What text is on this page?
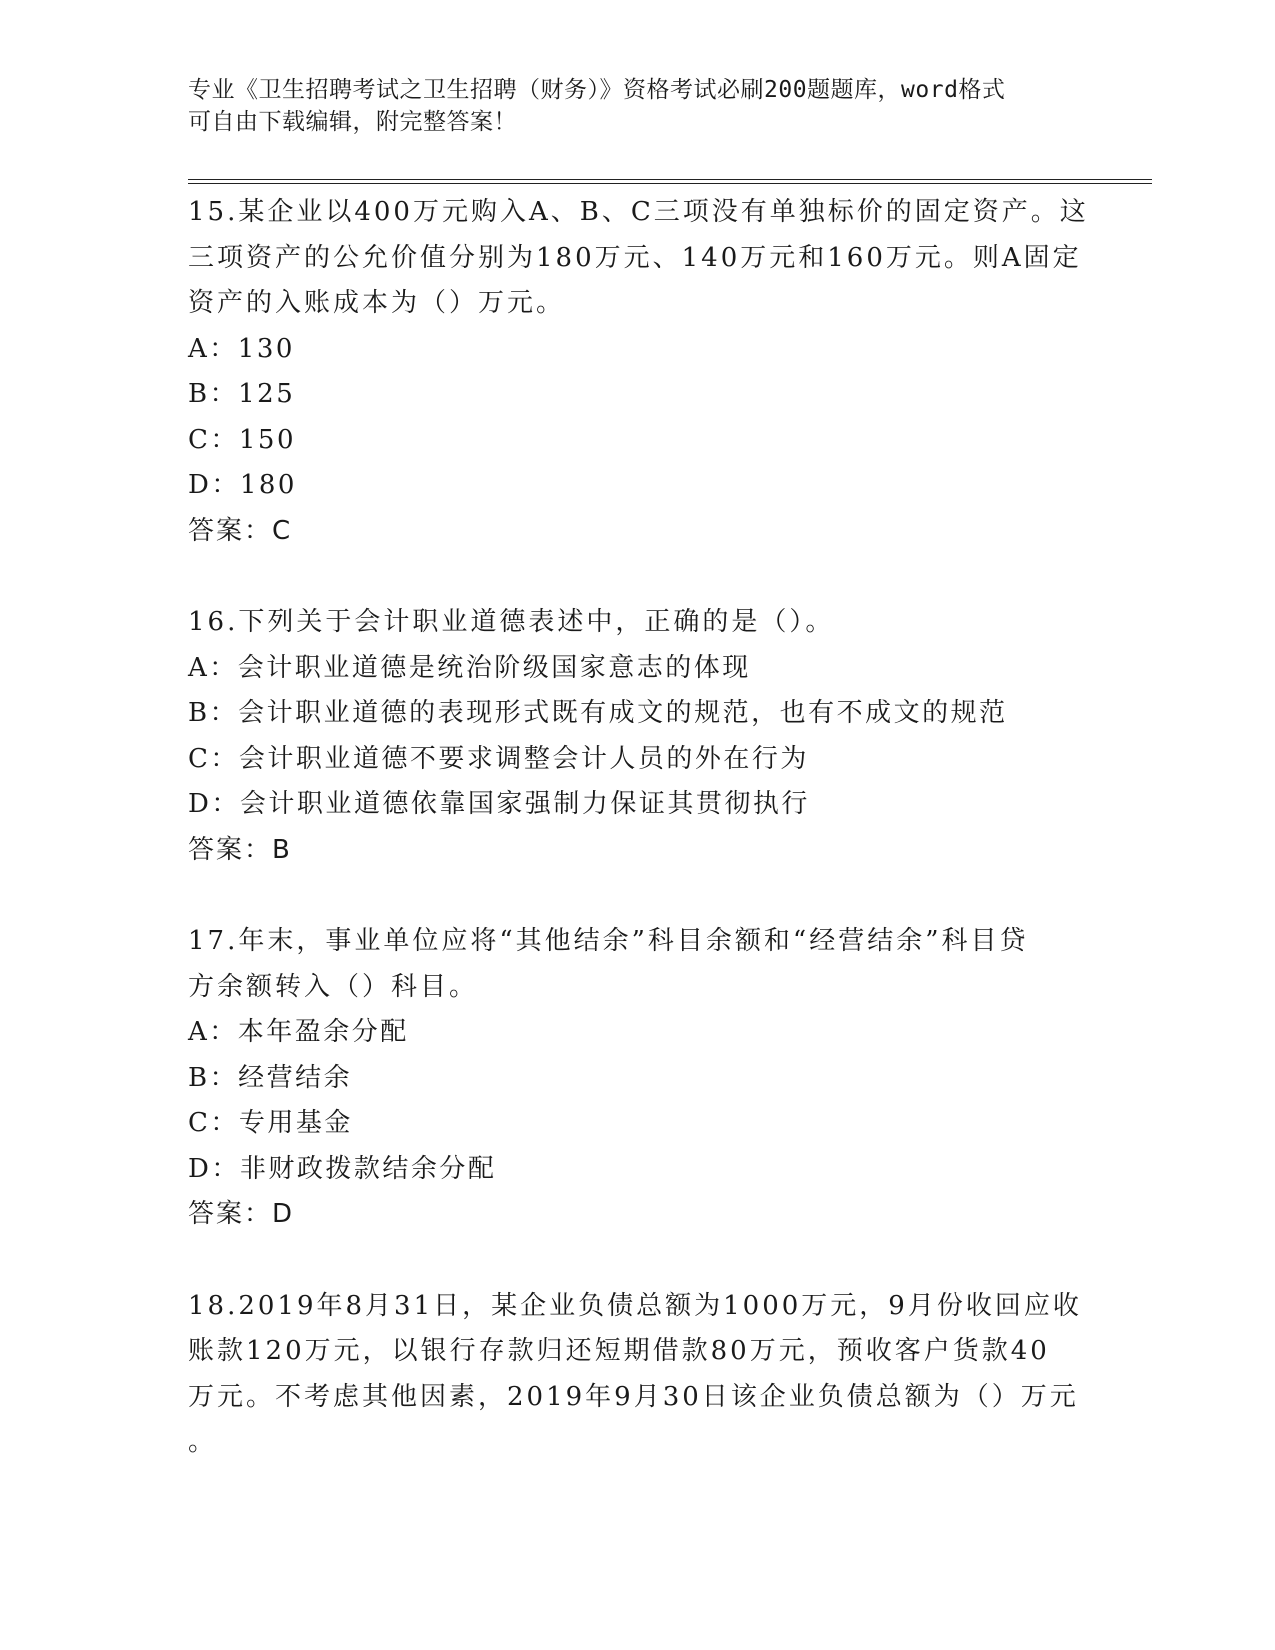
专业《卫生招聘考试之卫生招聘（财务）》资格考试必刷200题题库，word格式
可自由下载编辑，附完整答案！
15.某企业以400万元购入A、B、C三项没有单独标价的固定资产。这
三项资产的公允价值分别为180万元、140万元和160万元。则A固定
资产的入账成本为（）万元。
A：130
B：125
C：150
D：180
答案：C
16.下列关于会计职业道德表述中，正确的是（）。
A：会计职业道德是统治阶级国家意志的体现
B：会计职业道德的表现形式既有成文的规范，也有不成文的规范
C：会计职业道德不要求调整会计人员的外在行为
D：会计职业道德依靠国家强制力保证其贯彻执行
答案：B
17.年末，事业单位应将“其他结余”科目余额和“经营结余”科目贷
方余额转入（）科目。
A：本年盈余分配
B：经营结余
C：专用基金
D：非财政拨款结余分配
答案：D
18.2019年8月31日，某企业负债总额为1000万元，9月份收回应收
账款120万元，以银行存款归还短期借款80万元，预收客户货款40
万元。不考虑其他因素，2019年9月30日该企业负债总额为（）万元
。
